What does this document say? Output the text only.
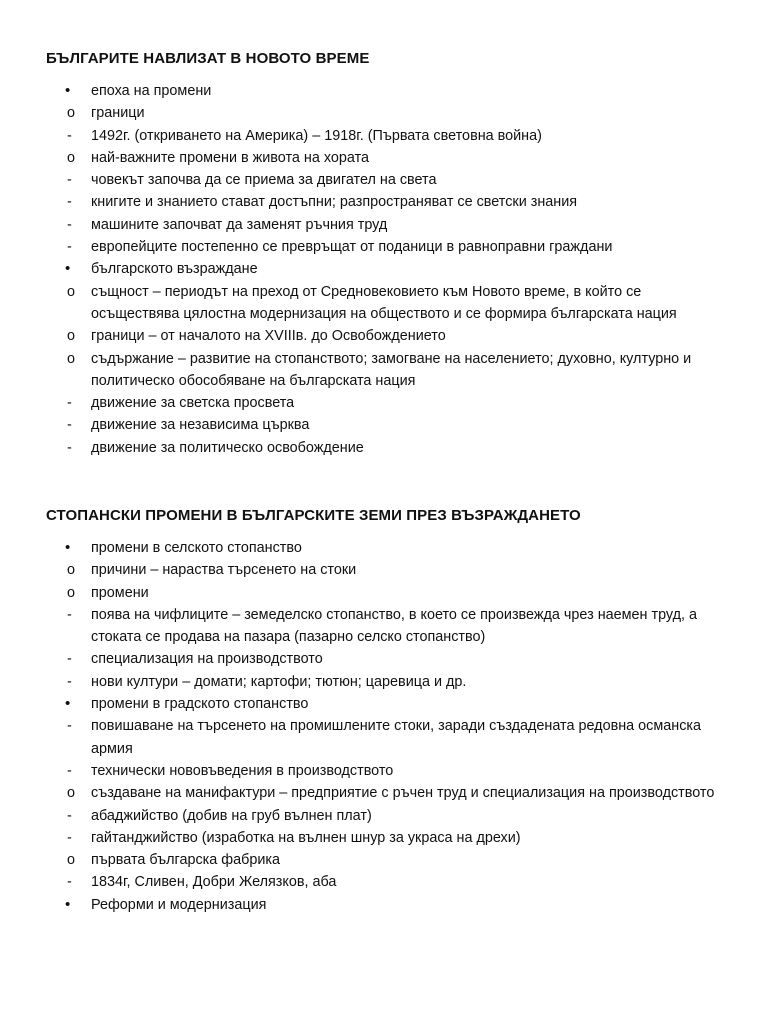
БЪЛГАРИТЕ НАВЛИЗАТ В НОВОТО ВРЕМЕ
•	епоха на промени
o	граници
-	1492г. (откриването на Америка) – 1918г. (Първата световна война)
o	най-важните промени в живота на хората
-	човекът започва да се приема за двигател на света
-	книгите и знанието стават достъпни; разпространяват се светски знания
-	машините започват да заменят ръчния труд
-	европейците постепенно се превръщат от поданици в равноправни граждани
•	българското възраждане
o	същност – периодът на преход от Средновековието към Новото време, в който се осъществява цялостна модернизация на обществото и се формира българската нация
o	граници – от началото на XVIIIв. до Освобождението
o	съдържание – развитие на стопанството; замогване на населението; духовно, културно и политическо обособяване на българската нация
-	движение за светска просвета
-	движение за независима църква
-	движение за политическо освобождение
СТОПАНСКИ ПРОМЕНИ В БЪЛГАРСКИТЕ ЗЕМИ ПРЕЗ ВЪЗРАЖДАНЕТО
•	промени в селското стопанство
o	причини – нараства търсенето на стоки
o	промени
-	поява на чифлиците – земеделско стопанство, в което се произвежда чрез наемен труд, а стоката се продава на пазара (пазарно селско стопанство)
-	специализация на производството
-	нови култури – домати; картофи; тютюн; царевица и др.
•	промени в градското стопанство
-	повишаване на търсенето на промишлените стоки, заради създадената редовна османска армия
-	технически нововъведения в производството
o	създаване на манифактури – предприятие с ръчен труд и специализация на производството
-	абаджийство (добив на груб вълнен плат)
-	гайтанджийство (изработка на вълнен шнур за украса на дрехи)
o	първата българска фабрика
-	1834г, Сливен, Добри Желязков, аба
•	Реформи и модернизация
